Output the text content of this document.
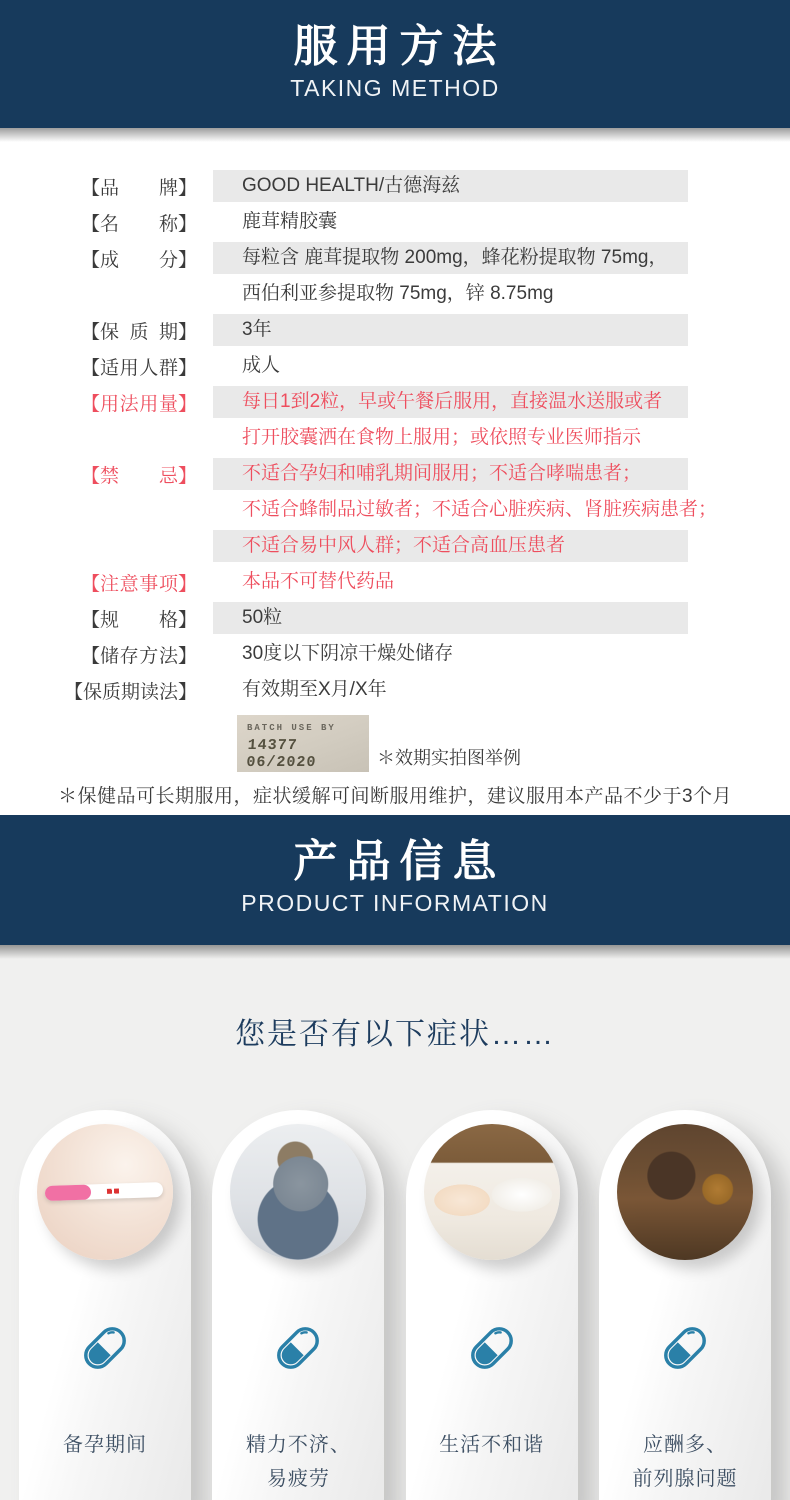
服用方法
TAKING METHOD
【 品牌 】	GOOD HEALTH/古德海兹
【 名称 】	鹿茸精胶囊
【 成分 】	每粒含 鹿茸提取物 200mg，蜂花粉提取物 75mg，
西伯利亚参提取物 75mg，锌 8.75mg
【 保质期 】	3年
【 适用人群 】	成人
【 用法用量 】	每日1到2粒，早或午餐后服用，直接温水送服或者
打开胶囊洒在食物上服用；或依照专业医师指示
【 禁忌 】	不适合孕妇和哺乳期间服用；不适合哮喘患者；
不适合蜂制品过敏者；不适合心脏疾病、肾脏疾病患者；
不适合易中风人群；不适合高血压患者
【 注意事项 】	本品不可替代药品
【 规格 】	50粒
【 储存方法 】	30度以下阴凉干燥处储存
【 保质期读法 】	有效期至X月/X年
BATCH USE BY
14377 06/2020	＊效期实拍图举例
＊保健品可长期服用，症状缓解可间断服用维护，建议服用本产品不少于3个月
产品信息
PRODUCT INFORMATION
您是否有以下症状……
备孕期间	精力不济、
易疲劳
生活不和谐	应酬多、
前列腺问题
